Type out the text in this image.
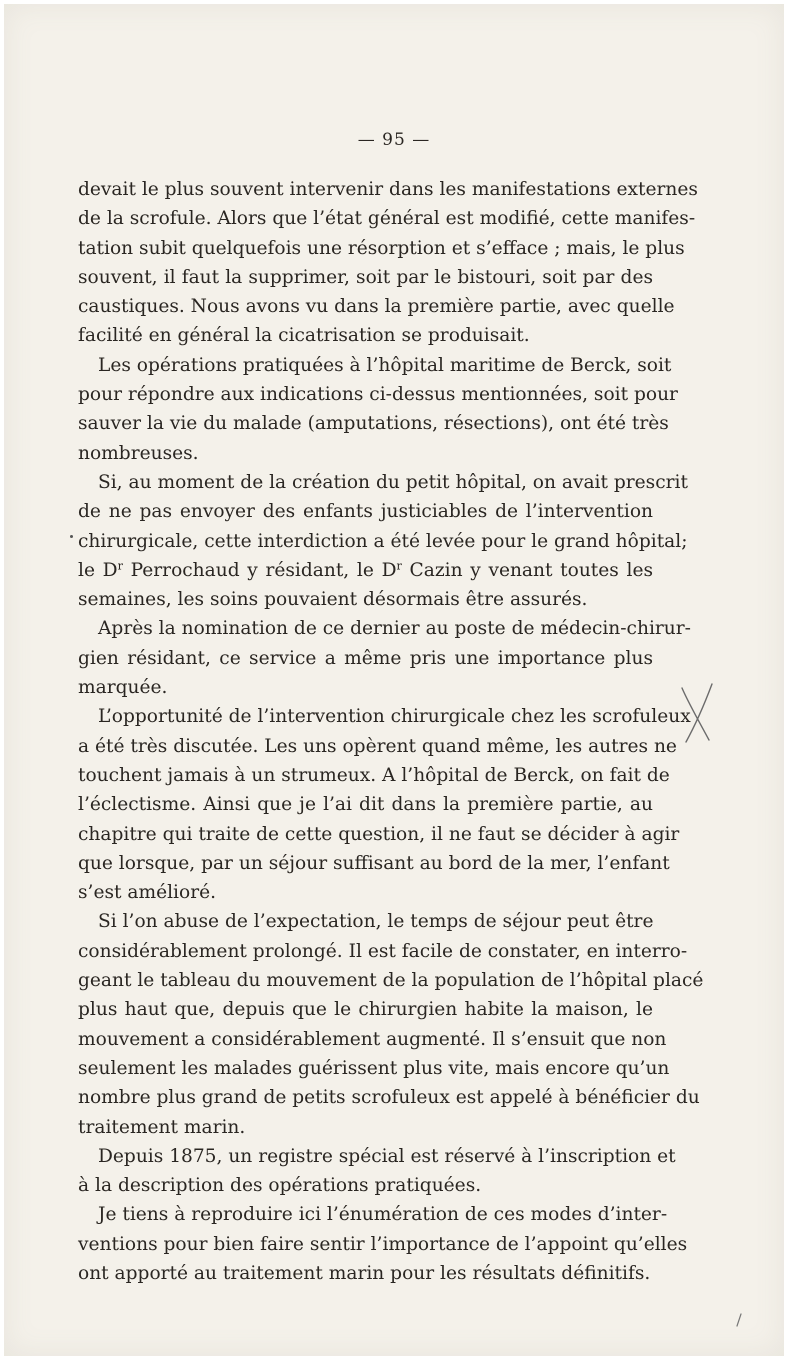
— 95 —
devait le plus souvent intervenir dans les manifestations externes
de la scrofule. Alors que l’état général est modifié, cette manifes-
tation subit quelquefois une résorption et s’efface ; mais, le plus
souvent, il faut la supprimer, soit par le bistouri, soit par des
caustiques. Nous avons vu dans la première partie, avec quelle
facilité en général la cicatrisation se produisait.
Les opérations pratiquées à l’hôpital maritime de Berck, soit
pour répondre aux indications ci-dessus mentionnées, soit pour
sauver la vie du malade (amputations, résections), ont été très
nombreuses.
Si, au moment de la création du petit hôpital, on avait prescrit
de ne pas envoyer des enfants justiciables de l’intervention
chirurgicale, cette interdiction a été levée pour le grand hôpital;
le $D^r$ Perrochaud y résidant, le $D^r$ Cazin y venant toutes les
semaines, les soins pouvaient désormais être assurés.
Après la nomination de ce dernier au poste de médecin-chirur-
gien résidant, ce service a même pris une importance plus
marquée.
L’opportunité de l’intervention chirurgicale chez les scrofuleux
a été très discutée. Les uns opèrent quand même, les autres ne
touchent jamais à un strumeux. A l’hôpital de Berck, on fait de
l’éclectisme. Ainsi que je l’ai dit dans la première partie, au
chapitre qui traite de cette question, il ne faut se décider à agir
que lorsque, par un séjour suffisant au bord de la mer, l’enfant
s’est amélioré.
Si l’on abuse de l’expectation, le temps de séjour peut être
considérablement prolongé. Il est facile de constater, en interro-
geant le tableau du mouvement de la population de l’hôpital placé
plus haut que, depuis que le chirurgien habite la maison, le
mouvement a considérablement augmenté. Il s’ensuit que non
seulement les malades guérissent plus vite, mais encore qu’un
nombre plus grand de petits scrofuleux est appelé à bénéficier du
traitement marin.
Depuis 1875, un registre spécial est réservé à l’inscription et
à la description des opérations pratiquées.
Je tiens à reproduire ici l’énumération de ces modes d’inter-
ventions pour bien faire sentir l’importance de l’appoint qu’elles
ont apporté au traitement marin pour les résultats définitifs.
